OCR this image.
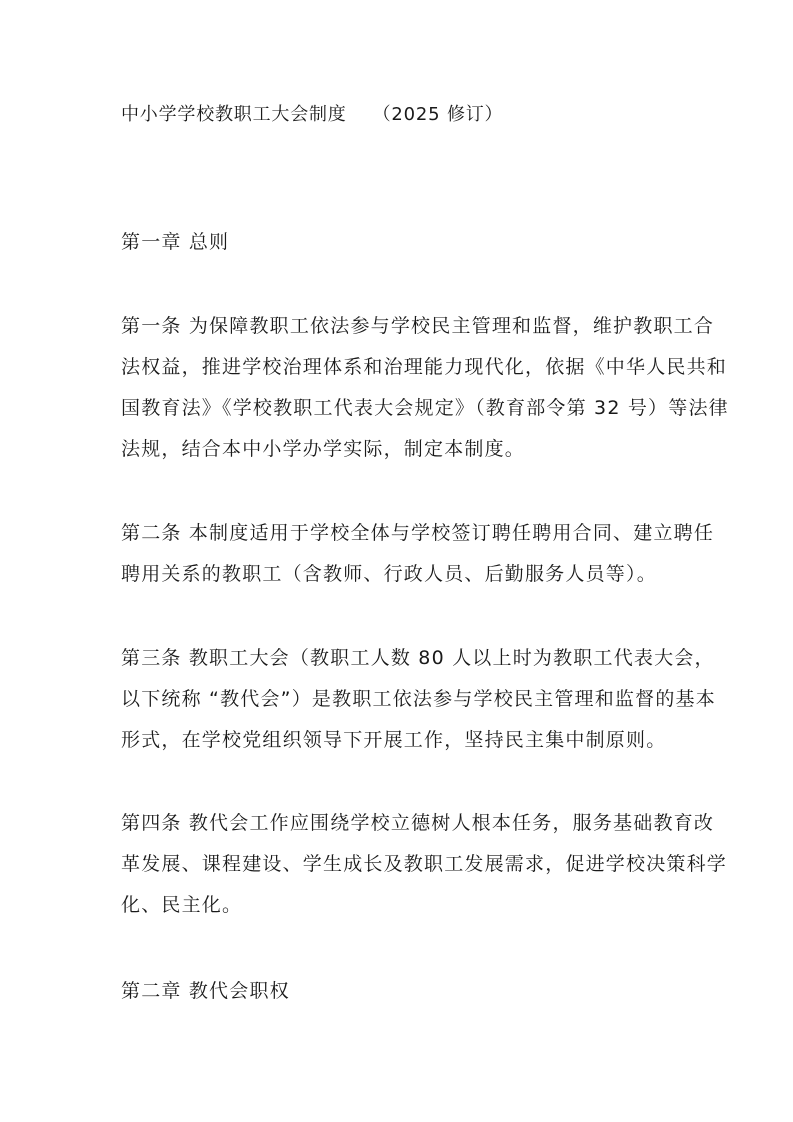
中小学学校教职工大会制度 （2025 修订）
第一章 总则
第一条 为保障教职工依法参与学校民主管理和监督，维护教职工合
法权益，推进学校治理体系和治理能力现代化，依据《中华人民共和
国教育法》《学校教职工代表大会规定》（教育部令第 32 号）等法律
法规，结合本中小学办学实际，制定本制度。
第二条 本制度适用于学校全体与学校签订聘任聘用合同、建立聘任
聘用关系的教职工（含教师、行政人员、后勤服务人员等）。
第三条 教职工大会（教职工人数 80 人以上时为教职工代表大会，
以下统称 “教代会”）是教职工依法参与学校民主管理和监督的基本
形式，在学校党组织领导下开展工作，坚持民主集中制原则。
第四条 教代会工作应围绕学校立德树人根本任务，服务基础教育改
革发展、课程建设、学生成长及教职工发展需求，促进学校决策科学
化、民主化。
第二章 教代会职权
